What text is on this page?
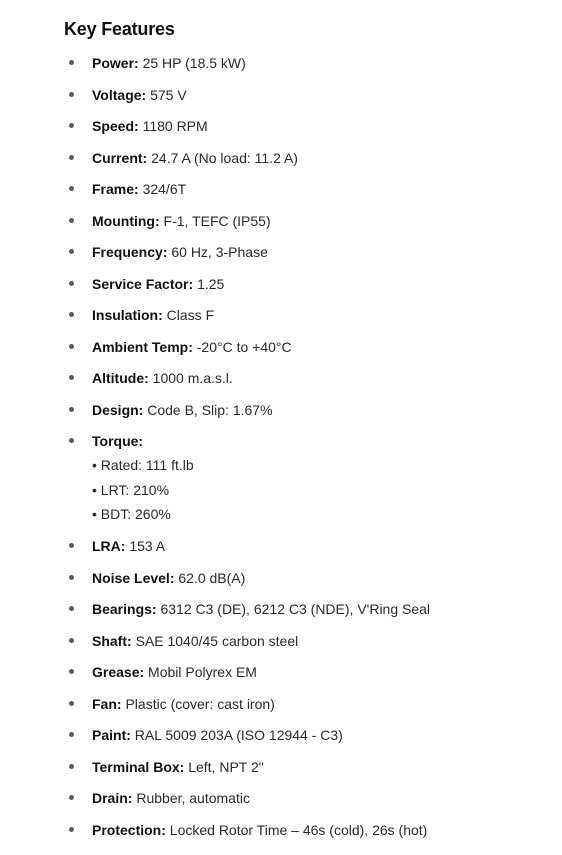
Key Features
Power: 25 HP (18.5 kW)
Voltage: 575 V
Speed: 1180 RPM
Current: 24.7 A (No load: 11.2 A)
Frame: 324/6T
Mounting: F-1, TEFC (IP55)
Frequency: 60 Hz, 3-Phase
Service Factor: 1.25
Insulation: Class F
Ambient Temp: -20°C to +40°C
Altitude: 1000 m.a.s.l.
Design: Code B, Slip: 1.67%
Torque:
• Rated: 111 ft.lb
• LRT: 210%
• BDT: 260%
LRA: 153 A
Noise Level: 62.0 dB(A)
Bearings: 6312 C3 (DE), 6212 C3 (NDE), V'Ring Seal
Shaft: SAE 1040/45 carbon steel
Grease: Mobil Polyrex EM
Fan: Plastic (cover: cast iron)
Paint: RAL 5009 203A (ISO 12944 - C3)
Terminal Box: Left, NPT 2"
Drain: Rubber, automatic
Protection: Locked Rotor Time – 46s (cold), 26s (hot)
